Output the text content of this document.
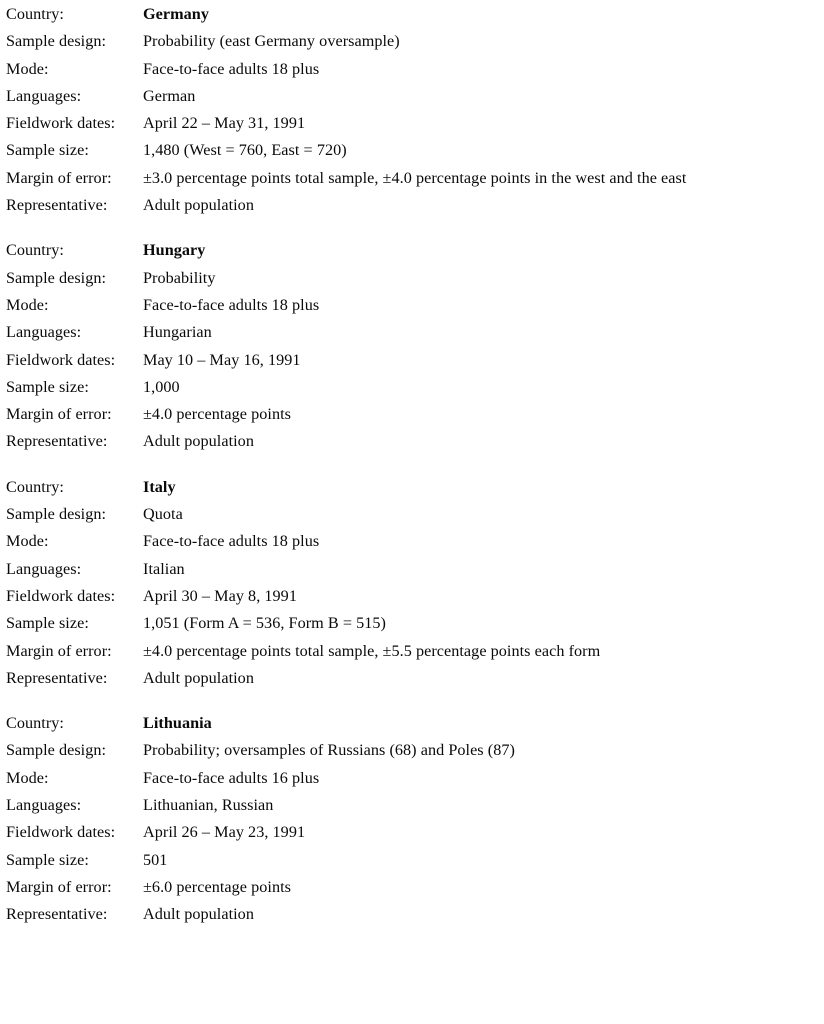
Country:	Germany
Sample design:	Probability (east Germany oversample)
Mode:	Face-to-face adults 18 plus
Languages:	German
Fieldwork dates:	April 22 – May 31, 1991
Sample size:	1,480 (West = 760, East = 720)
Margin of error:	±3.0 percentage points total sample, ±4.0 percentage points in the west and the east
Representative:	Adult population
Country:	Hungary
Sample design:	Probability
Mode:	Face-to-face adults 18 plus
Languages:	Hungarian
Fieldwork dates:	May 10 – May 16, 1991
Sample size:	1,000
Margin of error:	±4.0 percentage points
Representative:	Adult population
Country:	Italy
Sample design:	Quota
Mode:	Face-to-face adults 18 plus
Languages:	Italian
Fieldwork dates:	April 30 – May 8, 1991
Sample size:	1,051 (Form A = 536, Form B = 515)
Margin of error:	±4.0 percentage points total sample, ±5.5 percentage points each form
Representative:	Adult population
Country:	Lithuania
Sample design:	Probability; oversamples of Russians (68) and Poles (87)
Mode:	Face-to-face adults 16 plus
Languages:	Lithuanian, Russian
Fieldwork dates:	April 26 – May 23, 1991
Sample size:	501
Margin of error:	±6.0 percentage points
Representative:	Adult population
